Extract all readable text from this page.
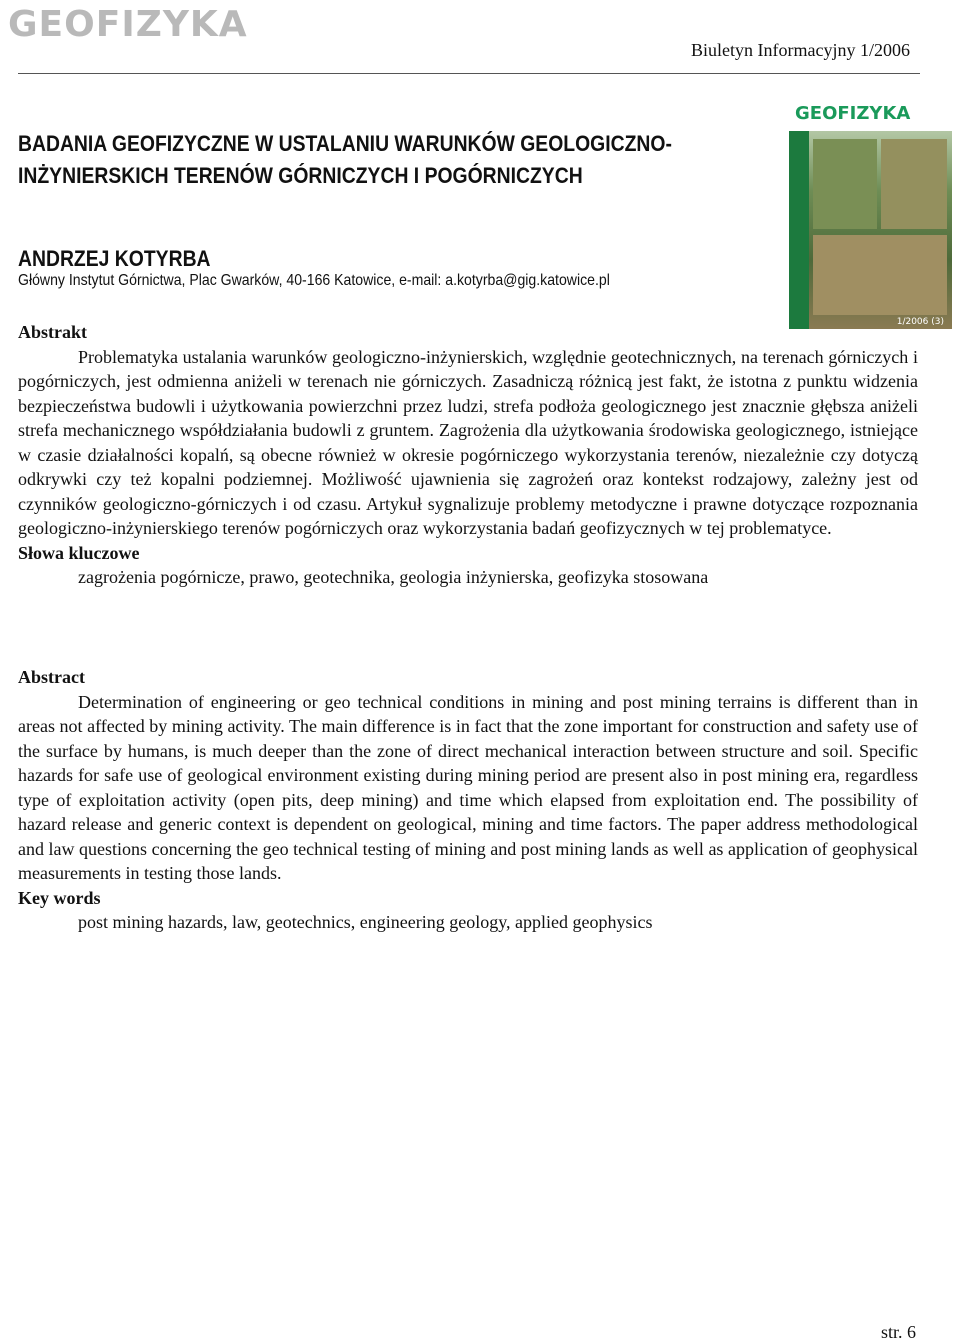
GEOFIZYKA
Biuletyn Informacyjny 1/2006
GEOFIZYKA
1/2006 (3)
BADANIA GEOFIZYCZNE W USTALANIU WARUNKÓW GEOLOGICZNO-INŻYNIERSKICH TERENÓW GÓRNICZYCH I POGÓRNICZYCH
ANDRZEJ KOTYRBA
Główny Instytut Górnictwa, Plac Gwarków, 40-166 Katowice, e-mail: a.kotyrba@gig.katowice.pl

Abstrakt

Problematyka ustalania warunków geologiczno-inżynierskich, względnie geotechnicznych, na terenach górniczych i pogórniczych, jest odmienna aniżeli w terenach nie górniczych. Zasadniczą różnicą jest fakt, że istotna z punktu widzenia bezpieczeństwa budowli i użytkowania powierzchni przez ludzi, strefa podłoża geologicznego jest znacznie głębsza aniżeli strefa mechanicznego współdziałania budowli z gruntem. Zagrożenia dla użytkowania środowiska geologicznego, istniejące w czasie działalności kopalń, są obecne również w okresie pogórniczego wykorzystania terenów, niezależnie czy dotyczą odkrywki czy też kopalni podziemnej. Możliwość ujawnienia się zagrożeń oraz kontekst rodzajowy, zależny jest od czynników geologiczno-górniczych i od czasu. Artykuł sygnalizuje problemy metodyczne i prawne dotyczące rozpoznania geologiczno-inżynierskiego terenów pogórniczych oraz wykorzystania badań geofizycznych w tej problematyce.

Słowa kluczowe

zagrożenia pogórnicze, prawo, geotechnika, geologia inżynierska, geofizyka stosowana

Abstract

Determination of engineering or geo technical conditions in mining and post mining terrains is different than in areas not affected by mining activity. The main difference is in fact that the zone important for construction and safety use of the surface by humans, is much deeper than the zone of direct mechanical interaction between structure and soil. Specific hazards for safe use of geological environment existing during mining period are present also in post mining era, regardless type of exploitation activity (open pits, deep mining) and time which elapsed from exploitation end. The possibility of hazard release and generic context is dependent on geological, mining and time factors. The paper address methodological and law questions concerning the geo technical testing of mining and post mining lands as well as application of geophysical measurements in testing those lands.

Key words

post mining hazards, law, geotechnics, engineering geology, applied geophysics

str. 6
